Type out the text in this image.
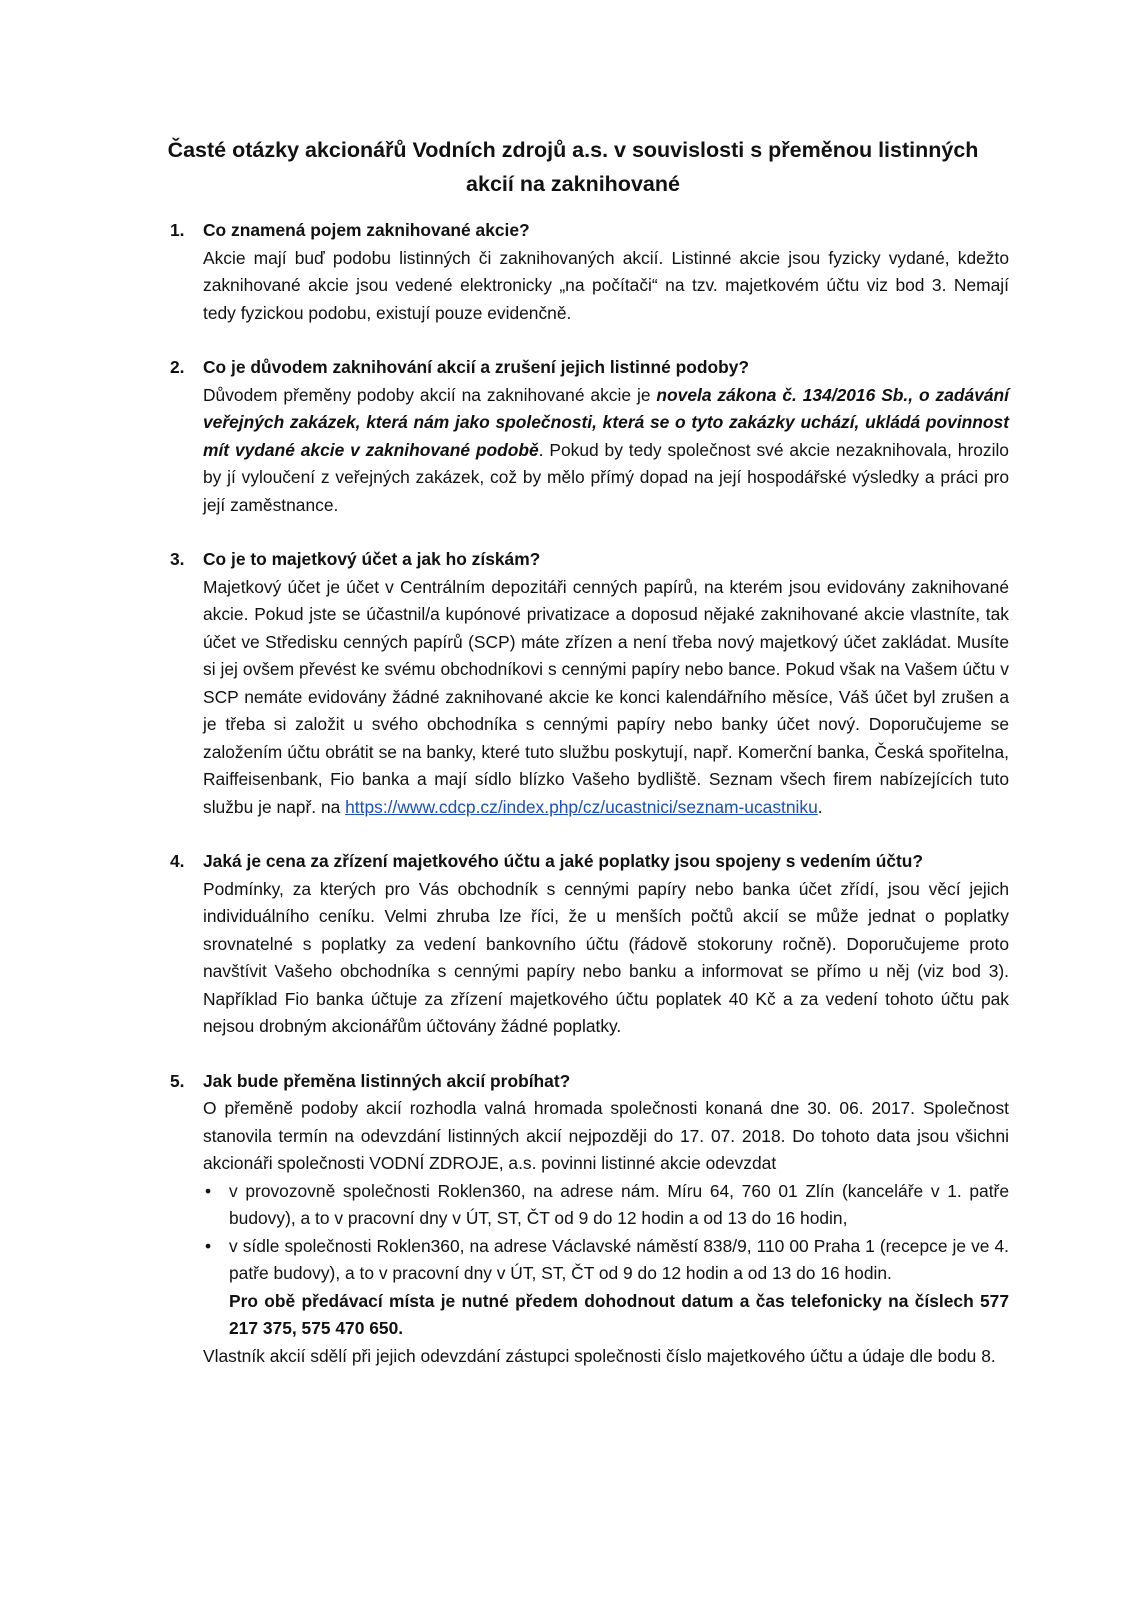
Časté otázky akcionářů Vodních zdrojů a.s. v souvislosti s přeměnou listinných
akcií na zaknihované
1. Co znamená pojem zaknihované akcie?

Akcie mají buď podobu listinných či zaknihovaných akcií. Listinné akcie jsou fyzicky vydané, kdežto zaknihované akcie jsou vedené elektronicky „na počítači“ na tzv. majetkovém účtu viz bod 3. Nemají tedy fyzickou podobu, existují pouze evidenčně.

2. Co je důvodem zaknihování akcií a zrušení jejich listinné podoby?

Důvodem přeměny podoby akcií na zaknihované akcie je novela zákona č. 134/2016 Sb., o zadávání veřejných zakázek, která nám jako společnosti, která se o tyto zakázky uchází, ukládá povinnost mít vydané akcie v zaknihované podobě. Pokud by tedy společnost své akcie nezaknihovala, hrozilo by jí vyloučení z veřejných zakázek, což by mělo přímý dopad na její hospodářské výsledky a práci pro její zaměstnance.

3. Co je to majetkový účet a jak ho získám?

Majetkový účet je účet v Centrálním depozitáři cenných papírů, na kterém jsou evidovány zaknihované akcie. Pokud jste se účastnil/a kupónové privatizace a doposud nějaké zaknihované akcie vlastníte, tak účet ve Středisku cenných papírů (SCP) máte zřízen a není třeba nový majetkový účet zakládat. Musíte si jej ovšem převést ke svému obchodníkovi s cennými papíry nebo bance. Pokud však na Vašem účtu v SCP nemáte evidovány žádné zaknihované akcie ke konci kalendářního měsíce, Váš účet byl zrušen a je třeba si založit u svého obchodníka s cennými papíry nebo banky účet nový. Doporučujeme se založením účtu obrátit se na banky, které tuto službu poskytují, např. Komerční banka, Česká spořitelna, Raiffeisenbank, Fio banka a mají sídlo blízko Vašeho bydliště. Seznam všech firem nabízejících tuto službu je např. na https://www.cdcp.cz/index.php/cz/ucastnici/seznam-ucastniku.

4. Jaká je cena za zřízení majetkového účtu a jaké poplatky jsou spojeny s vedením účtu?

Podmínky, za kterých pro Vás obchodník s cennými papíry nebo banka účet zřídí, jsou věcí jejich individuálního ceníku. Velmi zhruba lze říci, že u menších počtů akcií se může jednat o poplatky srovnatelné s poplatky za vedení bankovního účtu (řádově stokoruny ročně). Doporučujeme proto navštívit Vašeho obchodníka s cennými papíry nebo banku a informovat se přímo u něj (viz bod 3). Například Fio banka účtuje za zřízení majetkového účtu poplatek 40 Kč a za vedení tohoto účtu pak nejsou drobným akcionářům účtovány žádné poplatky.

5. Jak bude přeměna listinných akcií probíhat?

O přeměně podoby akcií rozhodla valná hromada společnosti konaná dne 30. 06. 2017. Společnost stanovila termín na odevzdání listinných akcií nejpozději do 17. 07. 2018. Do tohoto data jsou všichni akcionáři společnosti VODNÍ ZDROJE, a.s. povinni listinné akcie odevzdat

• v provozovně společnosti Roklen360, na adrese nám. Míru 64, 760 01 Zlín (kanceláře v 1. patře budovy), a to v pracovní dny v ÚT, ST, ČT od 9 do 12 hodin a od 13 do 16 hodin,
• v sídle společnosti Roklen360, na adrese Václavské náměstí 838/9, 110 00 Praha 1 (recepce je ve 4. patře budovy), a to v pracovní dny v ÚT, ST, ČT od 9 do 12 hodin a od 13 do 16 hodin.
Pro obě předávací místa je nutné předem dohodnout datum a čas telefonicky na číslech 577 217 375, 575 470 650.

Vlastník akcií sdělí při jejich odevzdání zástupci společnosti číslo majetkového účtu a údaje dle bodu 8.
